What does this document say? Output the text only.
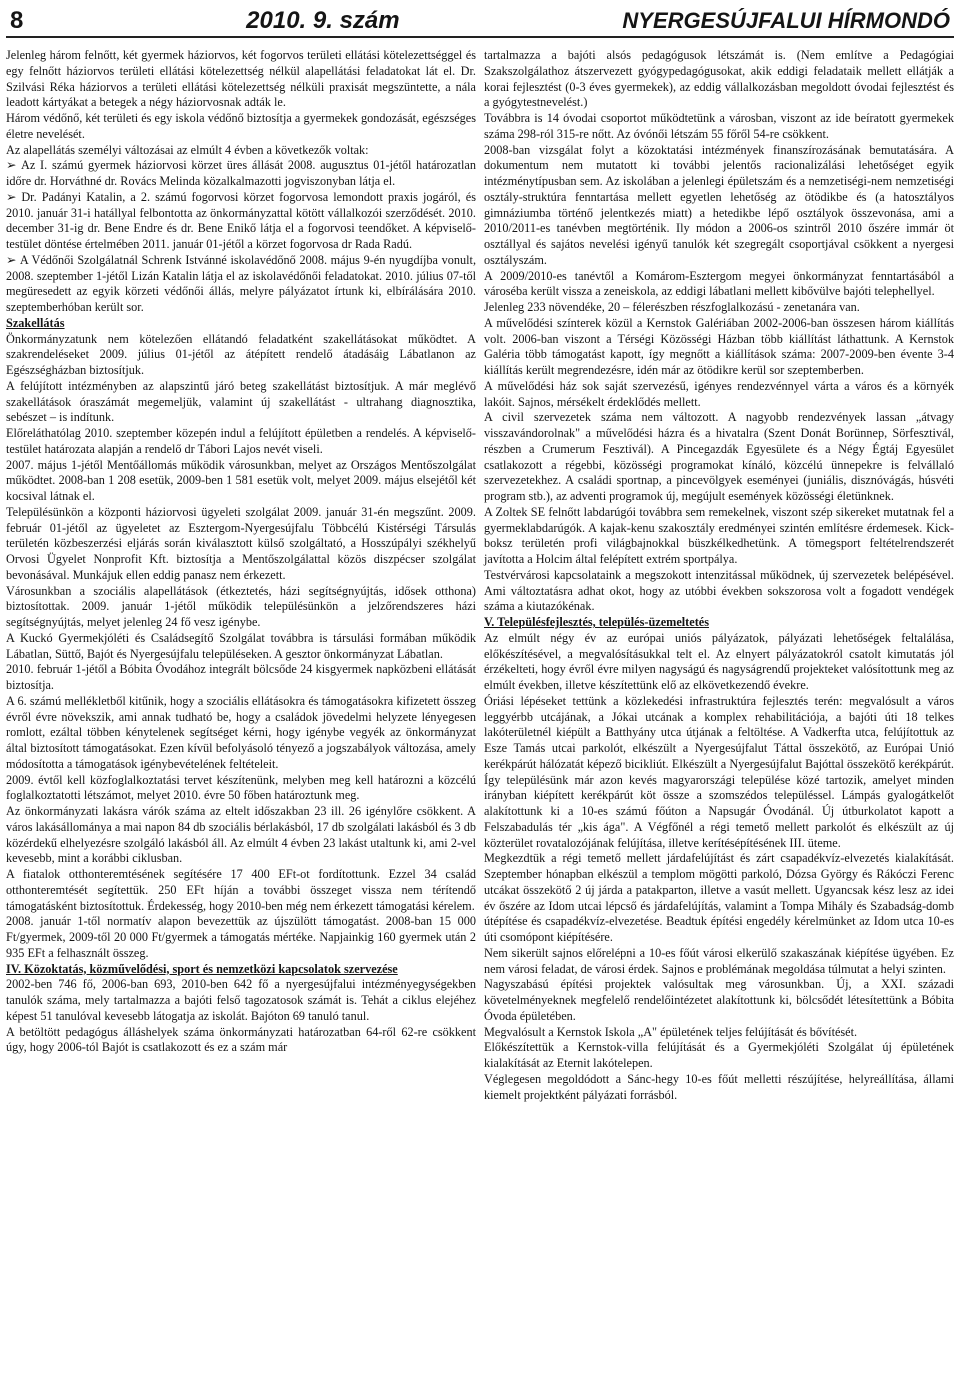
8	2010. 9. szám	NYERGESÚJFALUI HÍRMONDÓ

Jelenleg három felnőtt, két gyermek háziorvos, két fogorvos területi ellátási kötelezettséggel és egy felnőtt háziorvos területi ellátási kötelezettség nélkül alapellátási feladatokat lát el. Dr. Szilvási Réka háziorvos a területi ellátási kötelezettség nélküli praxisát megszüntette, a nála leadott kártyákat a betegek a négy háziorvosnak adták le.

Három védőnő, két területi és egy iskola védőnő biztosítja a gyermekek gondozását, egészséges életre nevelését.

Az alapellátás személyi változásai az elmúlt 4 évben a következők voltak:

➢ Az I. számú gyermek háziorvosi körzet üres állását 2008. augusztus 01-jétől határozatlan időre dr. Horváthné dr. Rovács Melinda közalkalmazotti jogviszonyban látja el.

➢ Dr. Padányi Katalin, a 2. számú fogorvosi körzet fogorvosa lemondott praxis jogáról, és 2010. január 31-i hatállyal felbontotta az önkormányzattal kötött vállalkozói szerződését. 2010. december 31-ig dr. Bene Endre és dr. Bene Enikő látja el a fogorvosi teendőket. A képviselő-testület döntése értelmében 2011. január 01-jétől a körzet fogorvosa dr Rada Radú.

➢ A Védőnői Szolgálatnál Schrenk Istvánné iskolavédőnő 2008. május 9-én nyugdíjba vonult, 2008. szeptember 1-jétől Lizán Katalin látja el az iskolavédőnői feladatokat. 2010. július 07-től megüresedett az egyik körzeti védőnői állás, melyre pályázatot írtunk ki, elbírálására 2010. szeptemberhóban került sor.

Szakellátás

Önkormányzatunk nem kötelezően ellátandó feladatként szakellátásokat működtet. A szakrendeléseket 2009. július 01-jétől az átépített rendelő átadásáig Lábatlanon az Egészségházban biztosítjuk.

A felújított intézményben az alapszintű járó beteg szakellátást biztosítjuk. A már meglévő szakellátások óraszámát megemeljük, valamint új szakellátást - ultrahang diagnosztika, sebészet – is indítunk.

Előreláthatólag 2010. szeptember közepén indul a felújított épületben a rendelés. A képviselő-testület határozata alapján a rendelő dr Tábori Lajos nevét viseli.

2007. május 1-jétől Mentőállomás működik városunkban, melyet az Országos Mentőszolgálat működtet. 2008-ban 1 208 esetük, 2009-ben 1 581 esetük volt, melyet 2009. május elsejétől két kocsival látnak el.

Településünkön a központi háziorvosi ügyeleti szolgálat 2009. január 31-én megszűnt. 2009. február 01-jétől az ügyeletet az Esztergom-Nyergesújfalu Többcélú Kistérségi Társulás területén közbeszerzési eljárás során kiválasztott külső szolgáltató, a Hosszúpályi székhelyű Orvosi Ügyelet Nonprofit Kft. biztosítja a Mentőszolgálattal közös diszpécser szolgálat bevonásával. Munkájuk ellen eddig panasz nem érkezett.

Városunkban a szociális alapellátások (étkeztetés, házi segítségnyújtás, idősek otthona) biztosítottak. 2009. január 1-jétől működik településünkön a jelzőrendszeres házi segítségnyújtás, melyet jelenleg 24 fő vesz igénybe.

A Kuckó Gyermekjóléti és Családsegítő Szolgálat továbbra is társulási formában működik Lábatlan, Süttő, Bajót és Nyergesújfalu településeken. A gesztor önkormányzat Lábatlan.

2010. február 1-jétől a Bóbita Óvodához integrált bölcsőde 24 kisgyermek napközbeni ellátását biztosítja.

A 6. számú mellékletből kitűnik, hogy a szociális ellátásokra és támogatásokra kifizetett összeg évről évre növekszik, ami annak tudható be, hogy a családok jövedelmi helyzete lényegesen romlott, ezáltal többen kénytelenek segítséget kérni, hogy igénybe vegyék az önkormányzat által biztosított támogatásokat. Ezen kívül befolyásoló tényező a jogszabályok változása, amely módosította a támogatások igénybevételének feltételeit.

2009. évtől kell közfoglalkoztatási tervet készítenünk, melyben meg kell határozni a közcélú foglalkoztatotti létszámot, melyet 2010. évre 50 főben határoztunk meg.

Az önkormányzati lakásra várók száma az eltelt időszakban 23 ill. 26 igénylőre csökkent. A város lakásállománya a mai napon 84 db szociális bérlakásból, 17 db szolgálati lakásból és 3 db közérdekű elhelyezésre szolgáló lakásból áll. Az elmúlt 4 évben 23 lakást utaltunk ki, ami 2-vel kevesebb, mint a korábbi ciklusban.

A fiatalok otthonteremtésének segítésére 17 400 EFt-ot fordítottunk. Ezzel 34 család otthonteremtését segítettük. 250 EFt híján a további összeget vissza nem térítendő támogatásként biztosítottuk. Érdekesség, hogy 2010-ben még nem érkezett támogatási kérelem.

2008. január 1-től normatív alapon bevezettük az újszülött támogatást. 2008-ban 15 000 Ft/gyermek, 2009-től 20 000 Ft/gyermek a támogatás mértéke. Napjainkig 160 gyermek után 2 935 EFt a felhasznált összeg.

IV. Közoktatás, közművelődési, sport és nemzetközi kapcsolatok szervezése

2002-ben 746 fő, 2006-ban 693, 2010-ben 642 fő a nyergesújfalui intézményegységekben tanulók száma, mely tartalmazza a bajóti felső tagozatosok számát is. Tehát a ciklus elejéhez képest 51 tanulóval kevesebb látogatja az iskolát. Bajóton 69 tanuló tanul.

A betöltött pedagógus álláshelyek száma önkormányzati határozatban 64-ről 62-re csökkent úgy, hogy 2006-tól Bajót is csatlakozott és ez a szám már

tartalmazza a bajóti alsós pedagógusok létszámát is. (Nem említve a Pedagógiai Szakszolgálathoz átszervezett gyógypedagógusokat, akik eddigi feladataik mellett ellátják a korai fejlesztést (0-3 éves gyermekek), az eddig vállalkozásban megoldott óvodai fejlesztést és a gyógytestnevelést.)

Továbbra is 14 óvodai csoportot működtetünk a városban, viszont az ide beíratott gyermekek száma 298-ról 315-re nőtt. Az óvónői létszám 55 főről 54-re csökkent.

2008-ban vizsgálat folyt a közoktatási intézmények finanszírozásának bemutatására. A dokumentum nem mutatott ki további jelentős racionalizálási lehetőséget egyik intézménytípusban sem. Az iskolában a jelenlegi épületszám és a nemzetiségi-nem nemzetiségi osztály-struktúra fenntartása mellett egyetlen lehetőség az ötödikbe és (a hatosztályos gimnáziumba történő jelentkezés miatt) a hetedikbe lépő osztályok összevonása, ami a 2010/2011-es tanévben megtörténik. Ily módon a 2006-os szintről 2010 őszére immár öt osztállyal és sajátos nevelési igényű tanulók két szegregált csoportjával csökkent a nyergesi osztályszám.

A 2009/2010-es tanévtől a Komárom-Esztergom megyei önkormányzat fenntartásából a városéba került vissza a zeneiskola, az eddigi lábatlani mellett kibővülve bajóti telephellyel.

Jelenleg 233 növendéke, 20 – félerészben részfoglalkozású - zenetanára van.

A művelődési színterek közül a Kernstok Galériában 2002-2006-ban összesen három kiállítás volt. 2006-ban viszont a Térségi Közösségi Házban több kiállítást láthattunk. A Kernstok Galéria több támogatást kapott, így megnőtt a kiállítások száma: 2007-2009-ben évente 3-4 kiállítás került megrendezésre, idén már az ötödikre kerül sor szeptemberben.

A művelődési ház sok saját szervezésű, igényes rendezvénnyel várta a város és a környék lakóit. Sajnos, mérsékelt érdeklődés mellett.

A civil szervezetek száma nem változott. A nagyobb rendezvények lassan „átvagy visszavándorolnak" a művelődési házra és a hivatalra (Szent Donát Borünnep, Sörfesztivál, részben a Crumerum Fesztivál). A Pincegazdák Egyesülete és a Négy Égtáj Egyesület csatlakozott a régebbi, közösségi programokat kínáló, közcélú ünnepekre is felvállaló szervezetekhez. A családi sportnap, a pincevölgyek eseményei (juniális, disznóvágás, húsvéti program stb.), az adventi programok új, megújult események közösségi életünknek.

A Zoltek SE felnőtt labdarúgói továbbra sem remekelnek, viszont szép sikereket mutatnak fel a gyermeklabdarúgók. A kajak-kenu szakosztály eredményei szintén említésre érdemesek. Kick-boksz területén profi világbajnokkal büszkélkedhetünk. A tömegsport feltételrendszerét javította a Holcim által felépített extrém sportpálya.

Testvérvárosi kapcsolataink a megszokott intenzitással működnek, új szervezetek belépésével. Ami változtatásra adhat okot, hogy az utóbbi években sokszorosa volt a fogadott vendégek száma a kiutazókénak.

V. Településfejlesztés, település-üzemeltetés

Az elmúlt négy év az európai uniós pályázatok, pályázati lehetőségek feltalálása, előkészítésével, a megvalósításukkal telt el. Az elnyert pályázatokról csatolt kimutatás jól érzékelteti, hogy évről évre milyen nagyságú és nagyságrendű projekteket valósítottunk meg az elmúlt években, illetve készítettünk elő az elkövetkezendő évekre.

Óriási lépéseket tettünk a közlekedési infrastruktúra fejlesztés terén: megvalósult a város leggyérbb utcájának, a Jókai utcának a komplex rehabilitációja, a bajóti úti 18 telkes lakóterületnél kiépült a Batthyány utca útjának a feltöltése. A Vadkerfta utca, felújítottuk az Esze Tamás utcai parkolót, elkészült a Nyergesújfalut Táttal összekötő, az Európai Unió kerékpárút hálózatát képező bicikliút. Elkészült a Nyergesújfalut Bajóttal összekötő kerékpárút. Így településünk már azon kevés magyarországi települése közé tartozik, amelyet minden irányban kiépített kerékpárút köt össze a szomszédos településsel. Lámpás gyalogátkelőt alakítottunk ki a 10-es számú főúton a Napsugár Óvodánál. Új útburkolatot kapott a Felszabadulás tér „kis ága". A Végfőnél a régi temető mellett parkolót és elkészült az új közterület rovatalozójának felújítása, illetve kerítésépítésének III. üteme.

Megkezdtük a régi temető mellett járdafelújítást és zárt csapadékvíz-elvezetés kialakítását. Szeptember hónapban elkészül a templom mögötti parkoló, Dózsa György és Rákóczi Ferenc utcákat összekötő 2 új járda a patakparton, illetve a vasút mellett. Ugyancsak kész lesz az idei év őszére az Idom utcai lépcső és járdafelújítás, valamint a Tompa Mihály és Szabadság-domb útépítése és csapadékvíz-elvezetése. Beadtuk építési engedély kérelmünket az Idom utca 10-es úti csomópont kiépítésére.

Nem sikerült sajnos előrelépni a 10-es főút városi elkerülő szakaszának kiépítése ügyében. Ez nem városi feladat, de városi érdek. Sajnos e problémának megoldása túlmutat a helyi szinten.

Nagyszabású építési projektek valósultak meg városunkban. Új, a XXI. századi követelményeknek megfelelő rendelőintézetet alakítottunk ki, bölcsődét létesítettünk a Bóbita Óvoda épületében.

Megvalósult a Kernstok Iskola „A" épületének teljes felújítását és bővítését.

Előkészítettük a Kernstok-villa felújítását és a Gyermekjóléti Szolgálat új épületének kialakítását az Eternit lakótelepen.

Véglegesen megoldódott a Sánc-hegy 10-es főút melletti részújítése, helyreállítása, állami kiemelt projektként pályázati forrásból.
